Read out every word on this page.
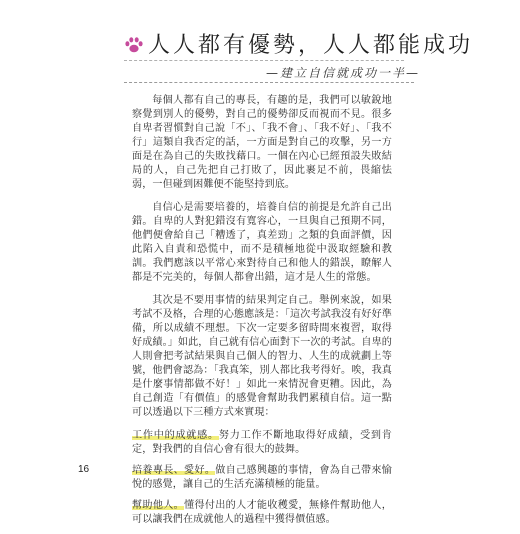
人人都有優勢，人人都能成功
—建立自信就成功一半—

每個人都有自己的專長，有趣的是，我們可以敏銳地察覺到別人的優勢，對自己的優勢卻反而視而不見。很多自卑者習慣對自己說「不」、「我不會」、「我不好」、「我不行」這類自我否定的話，一方面是對自己的攻擊，另一方面是在為自己的失敗找藉口。一個在內心已經預設失敗結局的人，自己先把自己打敗了，因此裹足不前，畏縮怯弱，一但碰到困難便不能堅持到底。

自信心是需要培養的，培養自信的前提是允許自己出錯。自卑的人對犯錯沒有寬容心，一旦與自己預期不同，他們便會給自己「糟透了，真差勁」之類的負面評價，因此陷入自責和恐慌中，而不是積極地從中汲取經驗和教訓。我們應該以平常心來對待自己和他人的錯誤，瞭解人都是不完美的，每個人都會出錯，這才是人生的常態。

其次是不要用事情的結果判定自己。舉例來說，如果考試不及格，合理的心態應該是：「這次考試我沒有好好準備，所以成績不理想。下次一定要多留時間來複習，取得好成績。」如此，自己就有信心面對下一次的考試。自卑的人則會把考試結果與自己個人的智力、人生的成就劃上等號，他們會認為：「我真笨，別人都比我考得好。唉，我真是什麼事情都做不好！」如此一來情況會更糟。因此，為自己創造「有價值」的感覺會幫助我們累積自信。這一點可以透過以下三種方式來實現：

工作中的成就感。努力工作不斷地取得好成績，受到肯定，對我們的自信心會有很大的鼓舞。

培養專長、愛好。做自己感興趣的事情，會為自己帶來愉悅的感覺，讓自己的生活充滿積極的能量。

幫助他人。懂得付出的人才能收穫愛，無條件幫助他人，可以讓我們在成就他人的過程中獲得價值感。

16
